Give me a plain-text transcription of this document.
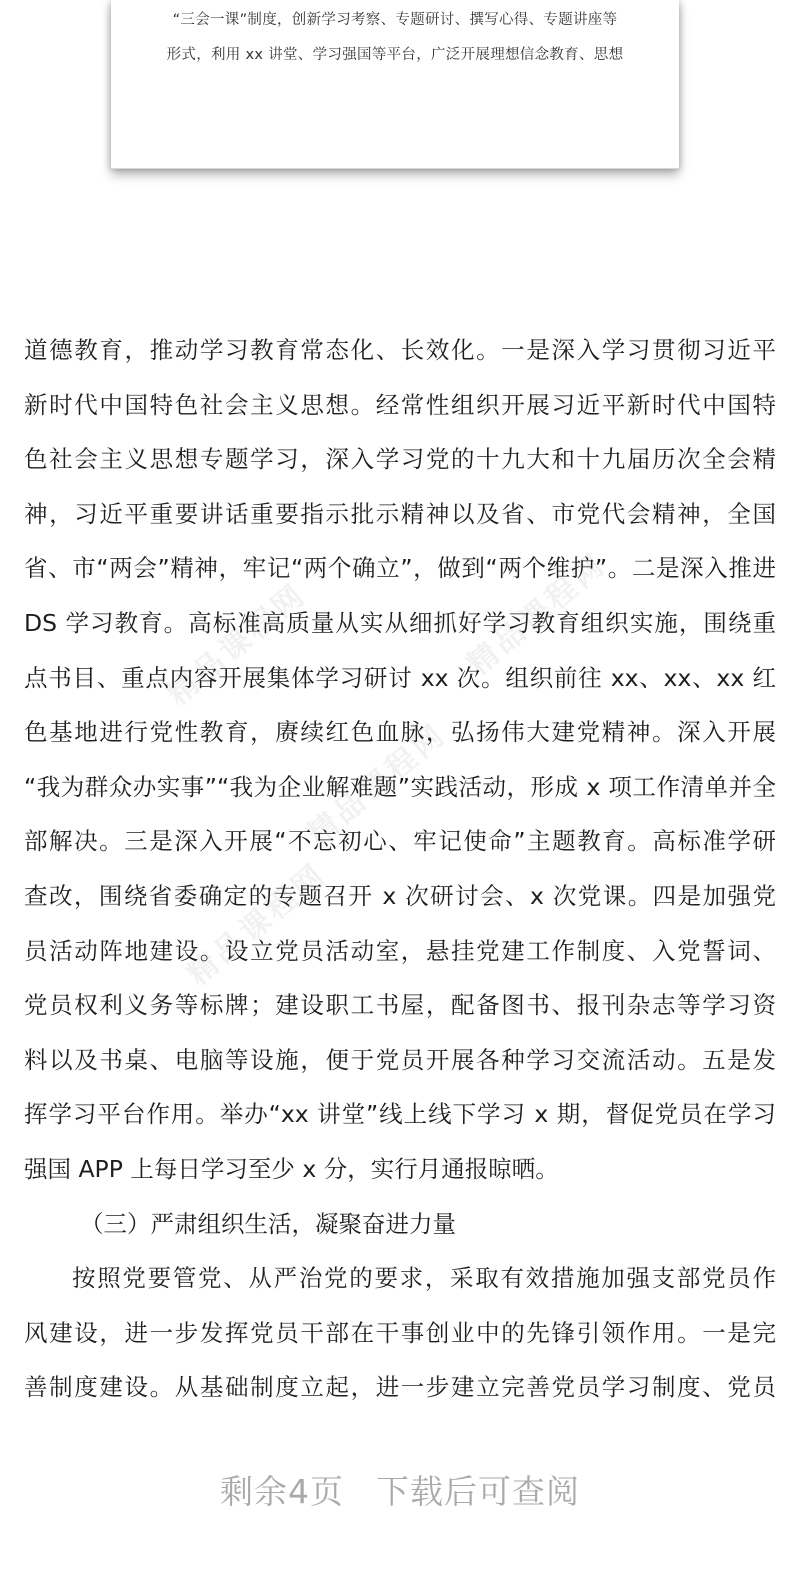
“三会一课”制度，创新学习考察、专题研讨、撰写心得、专题讲座等
形式，利用 xx 讲堂、学习强国等平台，广泛开展理想信念教育、思想
精品课程网	精品课程网
精品课程网
精品课程网
道德教育，推动学习教育常态化、长效化。一是深入学习贯彻习近平
新时代中国特色社会主义思想。经常性组织开展习近平新时代中国特
色社会主义思想专题学习，深入学习党的十九大和十九届历次全会精
神，习近平重要讲话重要指示批示精神以及省、市党代会精神，全国
省、市“两会”精神，牢记“两个确立”，做到“两个维护”。二是深入推进
DS 学习教育。高标准高质量从实从细抓好学习教育组织实施，围绕重
点书目、重点内容开展集体学习研讨 xx 次。组织前往 xx、xx、xx 红
色基地进行党性教育，赓续红色血脉，弘扬伟大建党精神。深入开展
“我为群众办实事”“我为企业解难题”实践活动，形成 x 项工作清单并全
部解决。三是深入开展“不忘初心、牢记使命”主题教育。高标准学研
查改，围绕省委确定的专题召开 x 次研讨会、x 次党课。四是加强党
员活动阵地建设。设立党员活动室，悬挂党建工作制度、入党誓词、
党员权利义务等标牌；建设职工书屋，配备图书、报刊杂志等学习资
料以及书桌、电脑等设施，便于党员开展各种学习交流活动。五是发
挥学习平台作用。举办“xx 讲堂”线上线下学习 x 期，督促党员在学习
强国 APP 上每日学习至少 x 分，实行月通报晾晒。
（三）严肃组织生活，凝聚奋进力量
按照党要管党、从严治党的要求，采取有效措施加强支部党员作
风建设，进一步发挥党员干部在干事创业中的先锋引领作用。一是完
善制度建设。从基础制度立起，进一步建立完善党员学习制度、党员
剩余4页 下载后可查阅
